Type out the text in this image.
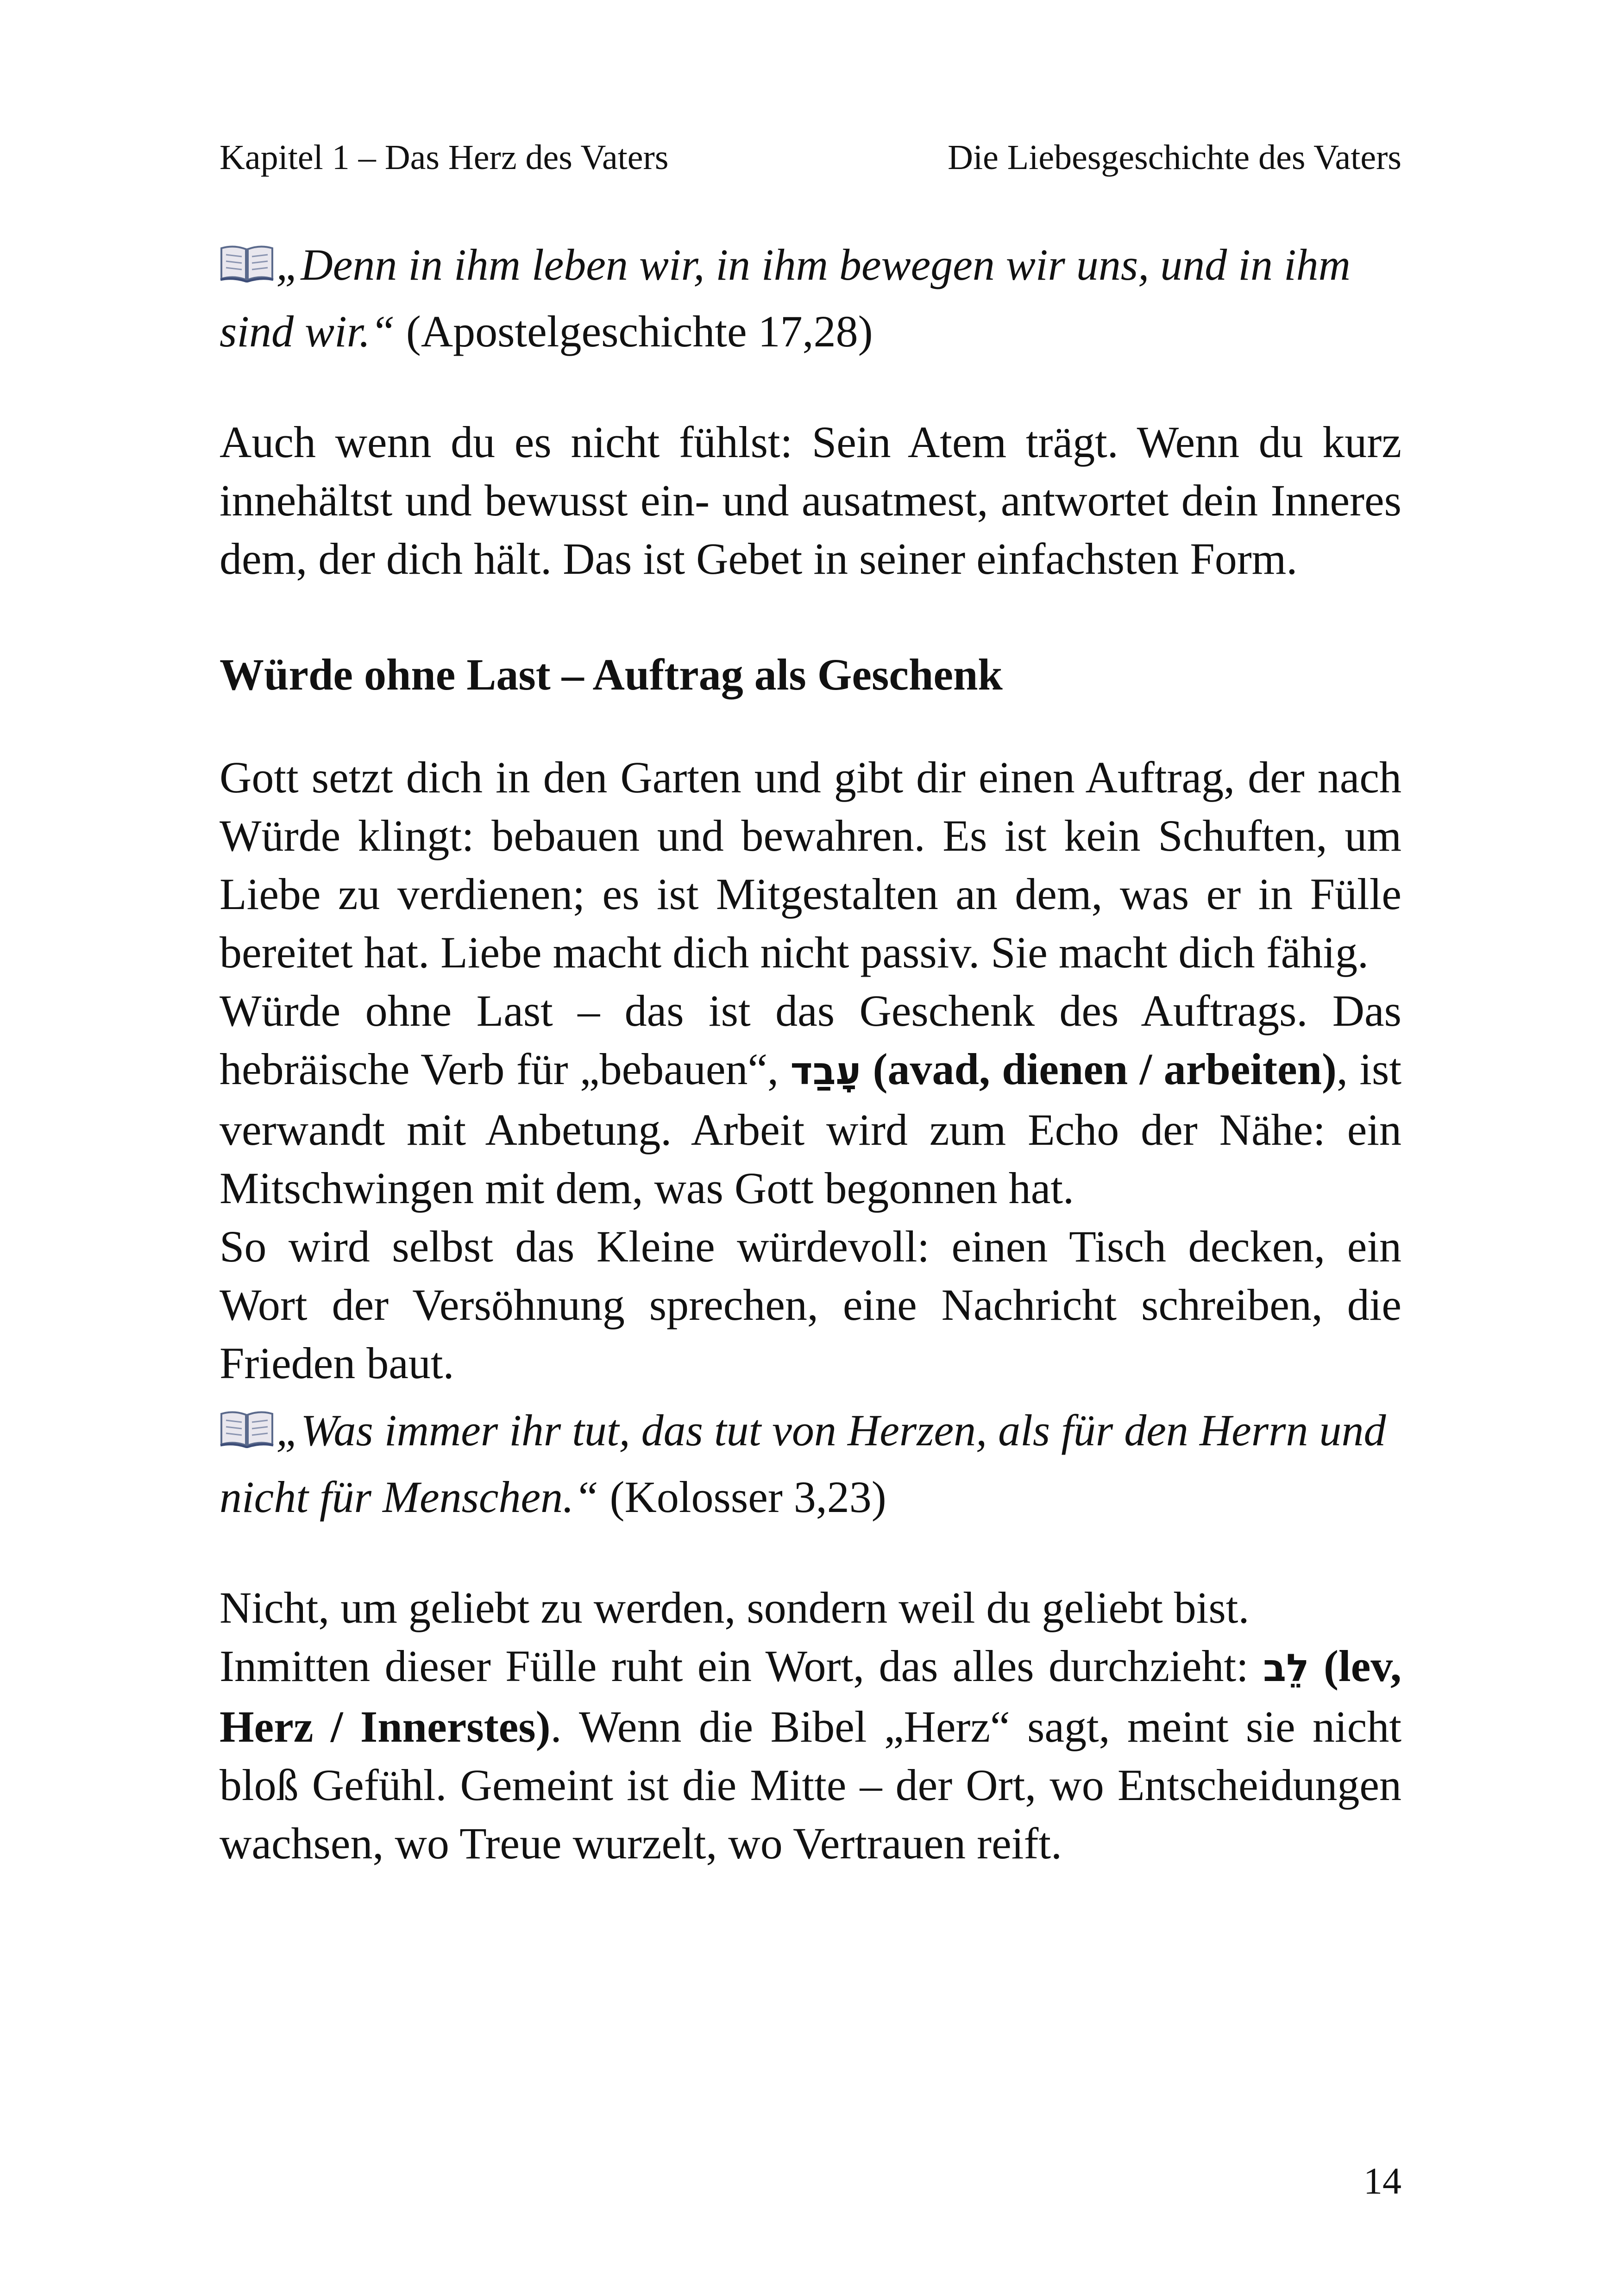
Kapitel 1 – Das Herz des Vaters	Die Liebesgeschichte des Vaters

„Denn in ihm leben wir, in ihm bewegen wir uns, und in ihm sind wir.“ (Apostelgeschichte 17,28)

Auch wenn du es nicht fühlst: Sein Atem trägt. Wenn du kurz innehältst und bewusst ein- und ausatmest, antwortet dein Inneres dem, der dich hält. Das ist Gebet in seiner einfachsten Form.

Würde ohne Last – Auftrag als Geschenk

Gott setzt dich in den Garten und gibt dir einen Auftrag, der nach Würde klingt: bebauen und bewahren. Es ist kein Schuften, um Liebe zu verdienen; es ist Mitgestalten an dem, was er in Fülle bereitet hat. Liebe macht dich nicht passiv. Sie macht dich fähig.

Würde ohne Last – das ist das Geschenk des Auftrags. Das hebräische Verb für „bebauen“, עָבַד (avad, dienen / arbeiten), ist verwandt mit Anbetung. Arbeit wird zum Echo der Nähe: ein Mitschwingen mit dem, was Gott begonnen hat.

So wird selbst das Kleine würdevoll: einen Tisch decken, ein Wort der Versöhnung sprechen, eine Nachricht schreiben, die Frieden baut.

„Was immer ihr tut, das tut von Herzen, als für den Herrn und nicht für Menschen.“ (Kolosser 3,23)

Nicht, um geliebt zu werden, sondern weil du geliebt bist.

Inmitten dieser Fülle ruht ein Wort, das alles durchzieht: לֵב (lev, Herz / Innerstes). Wenn die Bibel „Herz“ sagt, meint sie nicht bloß Gefühl. Gemeint ist die Mitte – der Ort, wo Entscheidungen wachsen, wo Treue wurzelt, wo Vertrauen reift.

14
